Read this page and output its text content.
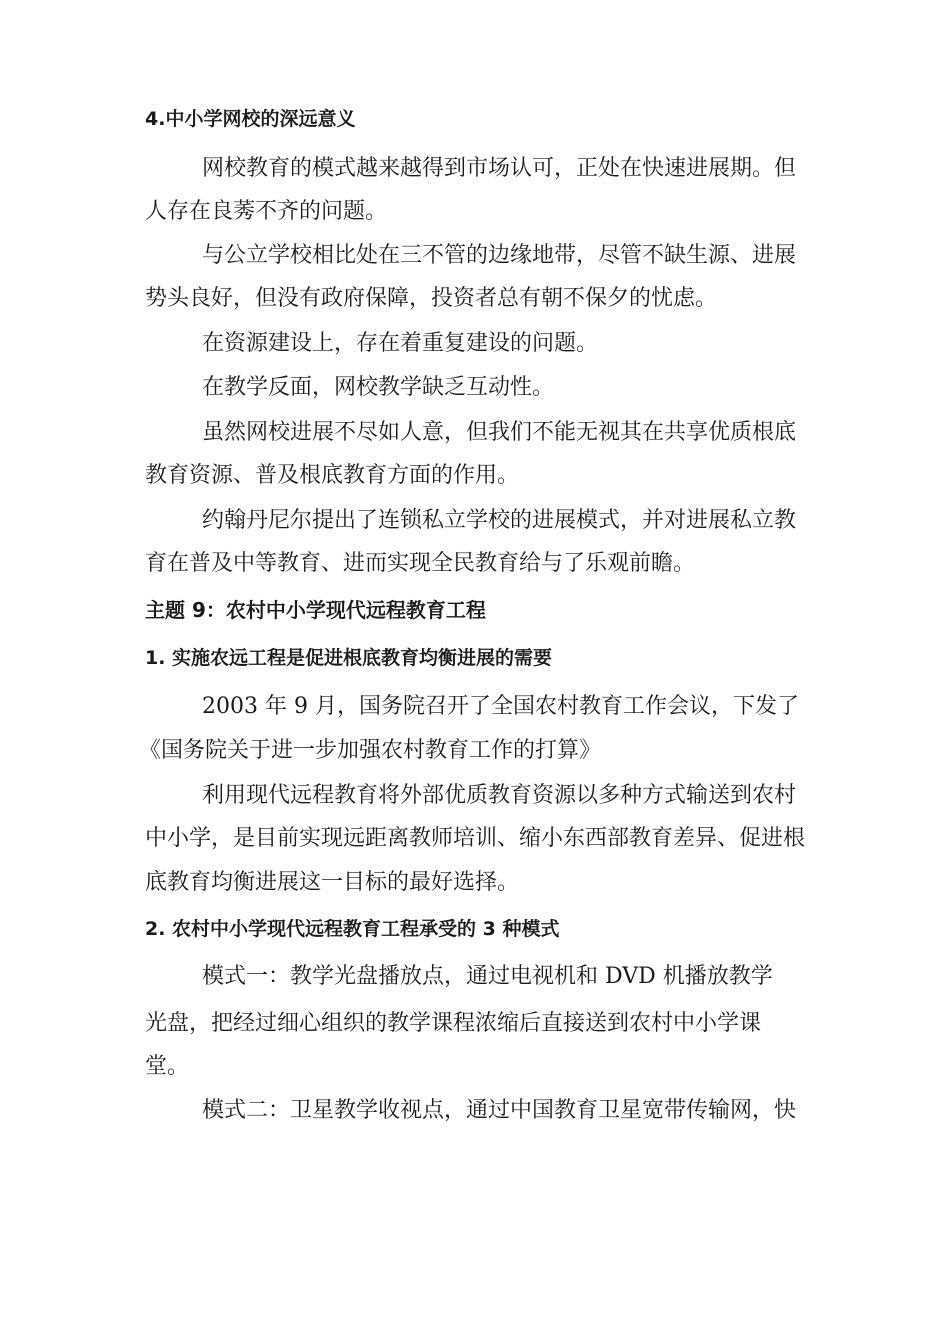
4.中小学网校的深远意义
网校教育的模式越来越得到市场认可，正处在快速进展期。但
人存在良莠不齐的问题。
与公立学校相比处在三不管的边缘地带，尽管不缺生源、进展
势头良好，但没有政府保障，投资者总有朝不保夕的忧虑。
在资源建设上，存在着重复建设的问题。
在教学反面，网校教学缺乏互动性。
虽然网校进展不尽如人意，但我们不能无视其在共享优质根底
教育资源、普及根底教育方面的作用。
约翰丹尼尔提出了连锁私立学校的进展模式，并对进展私立教
育在普及中等教育、进而实现全民教育给与了乐观前瞻。
主题 9：农村中小学现代远程教育工程
1. 实施农远工程是促进根底教育均衡进展的需要
2003 年 9 月，国务院召开了全国农村教育工作会议，下发了
《国务院关于进一步加强农村教育工作的打算》
利用现代远程教育将外部优质教育资源以多种方式输送到农村
中小学，是目前实现远距离教师培训、缩小东西部教育差异、促进根
底教育均衡进展这一目标的最好选择。
2. 农村中小学现代远程教育工程承受的 3 种模式
模式一：教学光盘播放点，通过电视机和 DVD 机播放教学
光盘，把经过细心组织的教学课程浓缩后直接送到农村中小学课
堂。
模式二：卫星教学收视点，通过中国教育卫星宽带传输网，快
